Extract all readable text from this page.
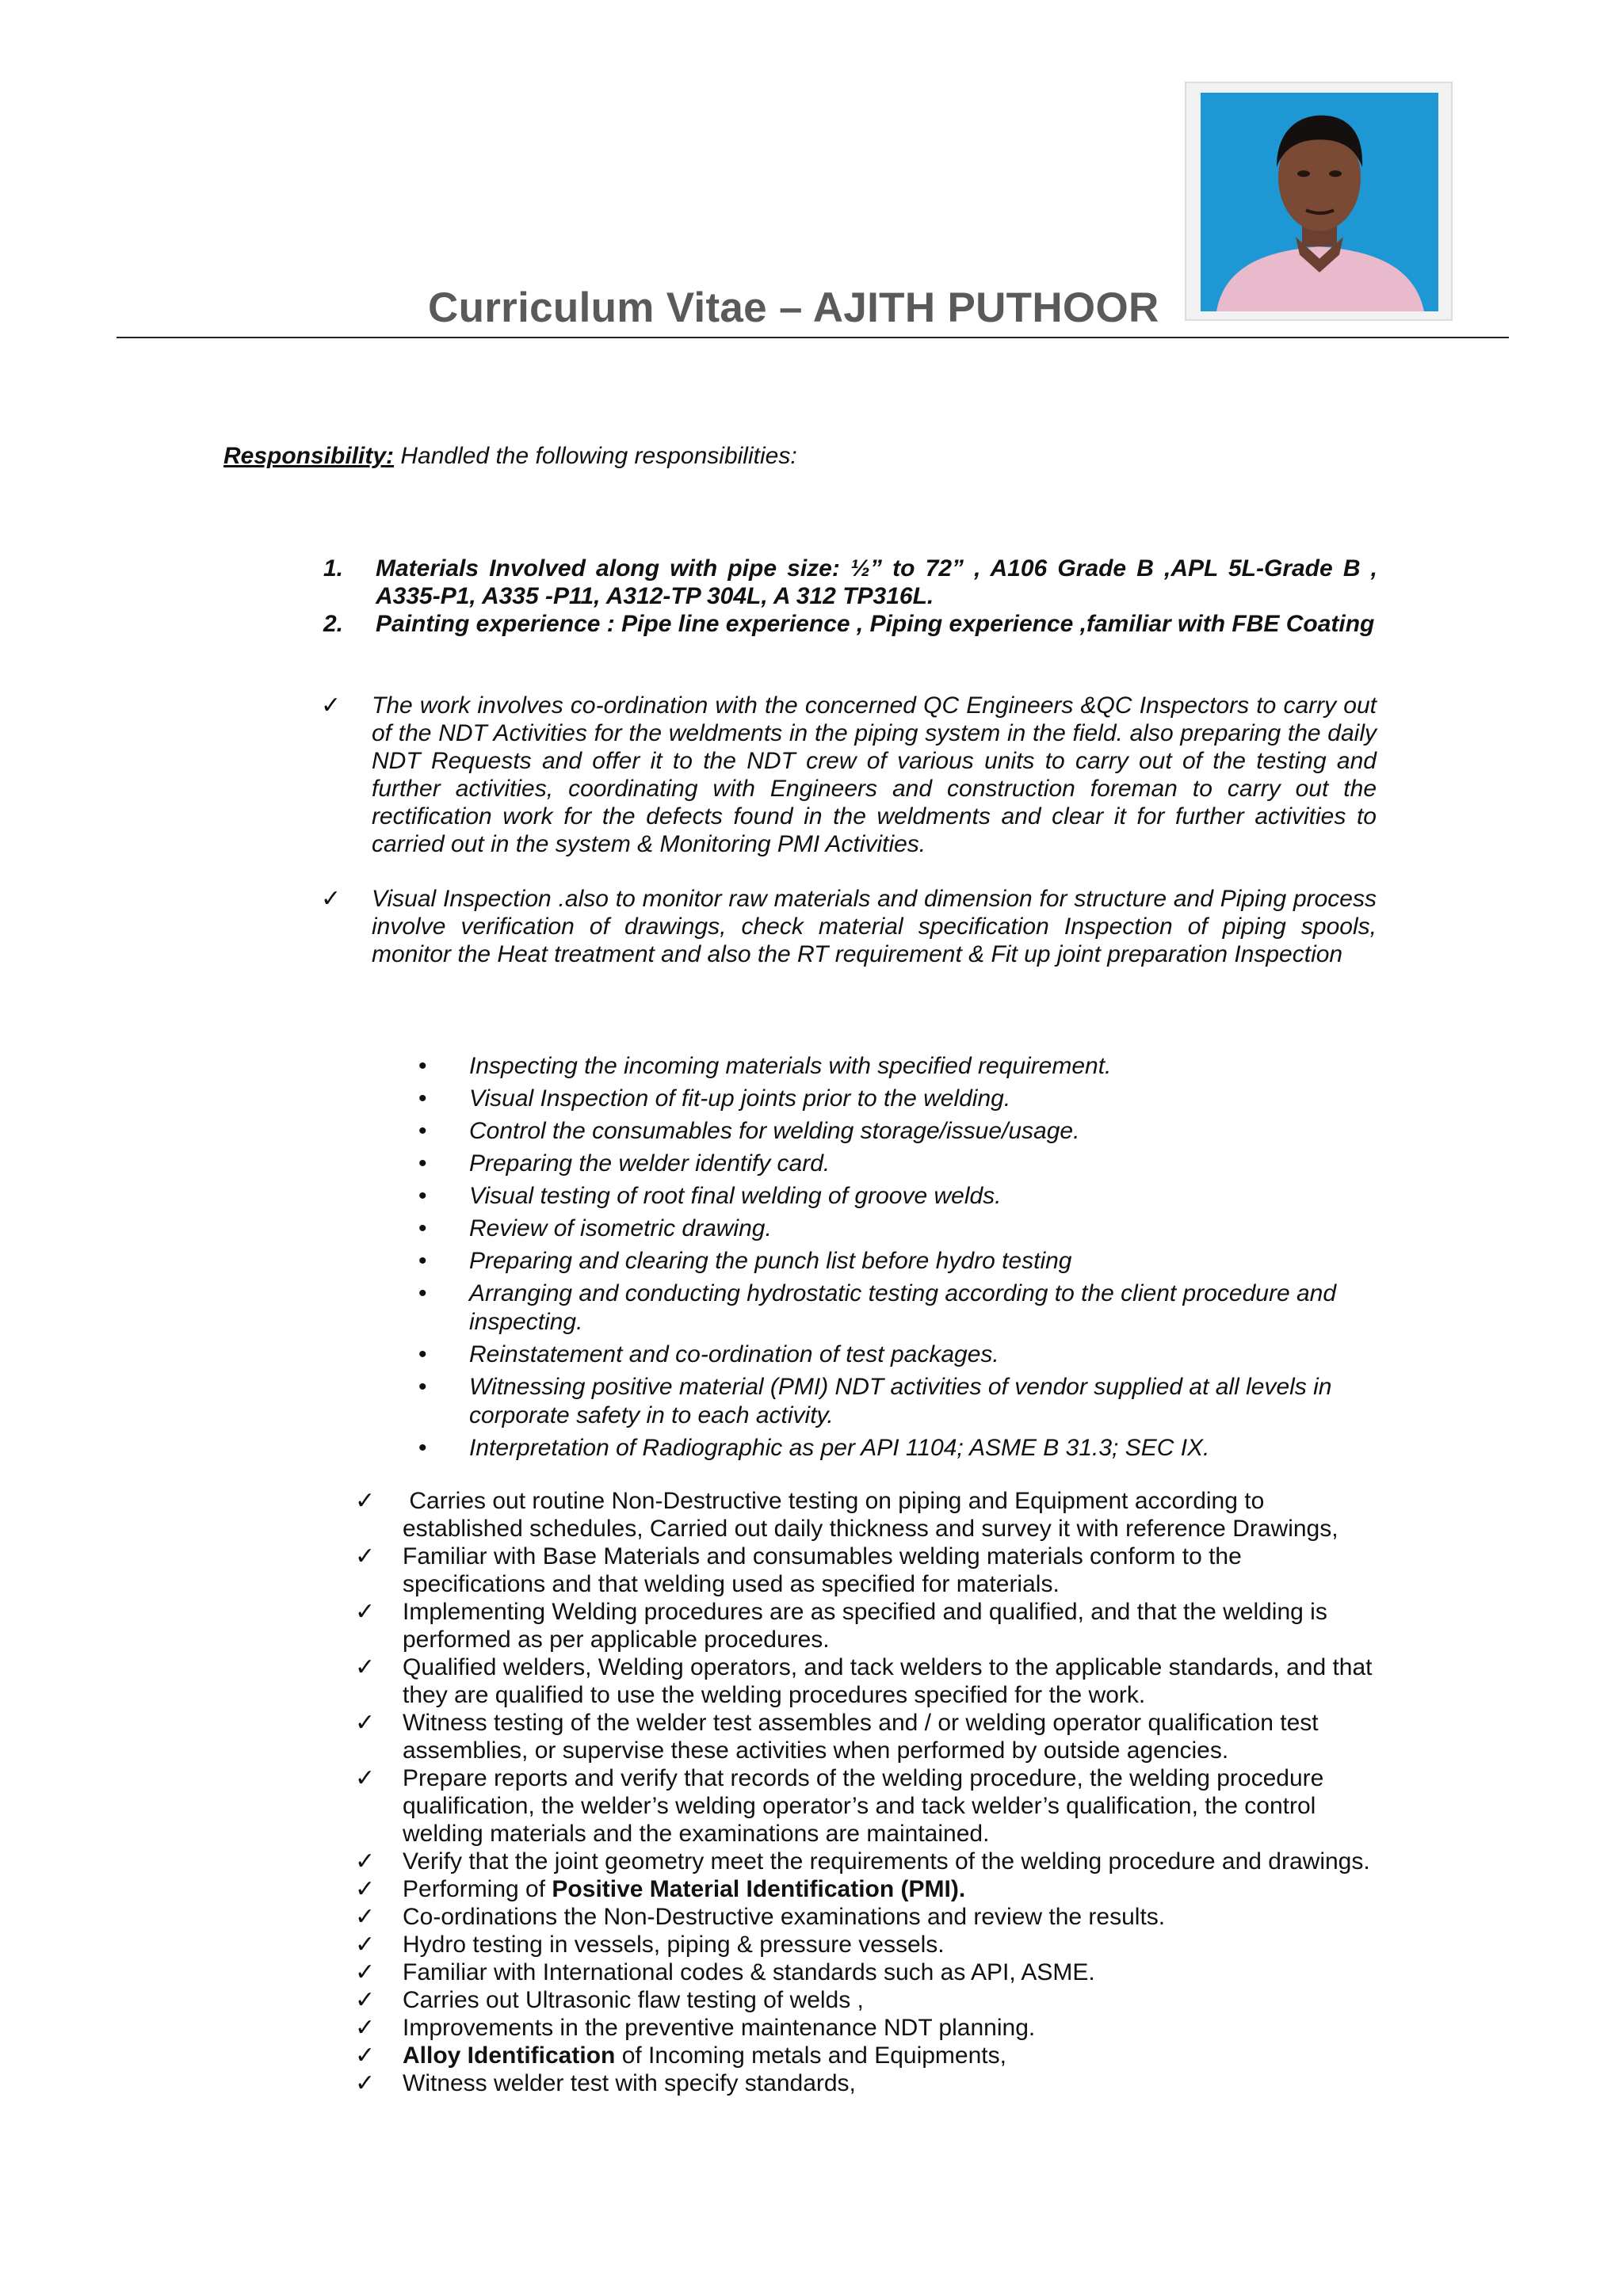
Curriculum Vitae – AJITH PUTHOOR
Responsibility: Handled the following responsibilities:
1.	Materials Involved along with pipe size: ½” to 72” , A106 Grade B ,APL 5L-Grade B , A335-P1, A335 -P11, A312-TP 304L, A 312 TP316L.
2.	Painting experience : Pipe line experience , Piping experience ,familiar with FBE Coating
✓	The work involves co-ordination with the concerned QC Engineers &QC Inspectors to carry out of the NDT Activities for the weldments in the piping system in the field. also preparing the daily NDT Requests and offer it to the NDT crew of various units to carry out of the testing and further activities, coordinating with Engineers and construction foreman to carry out the rectification work for the defects found in the weldments and clear it for further activities to carried out in the system & Monitoring PMI Activities.
✓	Visual Inspection .also to monitor raw materials and dimension for structure and Piping process involve verification of drawings, check material specification Inspection of piping spools, monitor the Heat treatment and also the RT requirement & Fit up joint preparation Inspection
•	Inspecting the incoming materials with specified requirement.
•	Visual Inspection of fit-up joints prior to the welding.
•	Control the consumables for welding storage/issue/usage.
•	Preparing the welder identify card.
•	Visual testing of root final welding of groove welds.
•	Review of isometric drawing.
•	Preparing and clearing the punch list before hydro testing
•	Arranging and conducting hydrostatic testing according to the client procedure and inspecting.
•	Reinstatement and co-ordination of test packages.
•	Witnessing positive material (PMI) NDT activities of vendor supplied at all levels in corporate safety in to each activity.
•	Interpretation of Radiographic as per API 1104; ASME B 31.3; SEC IX.
✓	Carries out routine Non-Destructive testing on piping and Equipment according to established schedules, Carried out daily thickness and survey it with reference Drawings,
✓	Familiar with Base Materials and consumables welding materials conform to the specifications and that welding used as specified for materials.
✓	Implementing Welding procedures are as specified and qualified, and that the welding is performed as per applicable procedures.
✓	Qualified welders, Welding operators, and tack welders to the applicable standards, and that they are qualified to use the welding procedures specified for the work.
✓	Witness testing of the welder test assembles and / or welding operator qualification test assemblies, or supervise these activities when performed by outside agencies.
✓	Prepare reports and verify that records of the welding procedure, the welding procedure qualification, the welder’s welding operator’s and tack welder’s qualification, the control welding materials and the examinations are maintained.
✓	Verify that the joint geometry meet the requirements of the welding procedure and drawings.
✓	Performing of Positive Material Identification (PMI).
✓	Co-ordinations the Non-Destructive examinations and review the results.
✓	Hydro testing in vessels, piping & pressure vessels.
✓	Familiar with International codes & standards such as API, ASME.
✓	Carries out Ultrasonic flaw testing of welds ,
✓	Improvements in the preventive maintenance NDT planning.
✓	Alloy Identification of Incoming metals and Equipments,
✓	Witness welder test with specify standards,
